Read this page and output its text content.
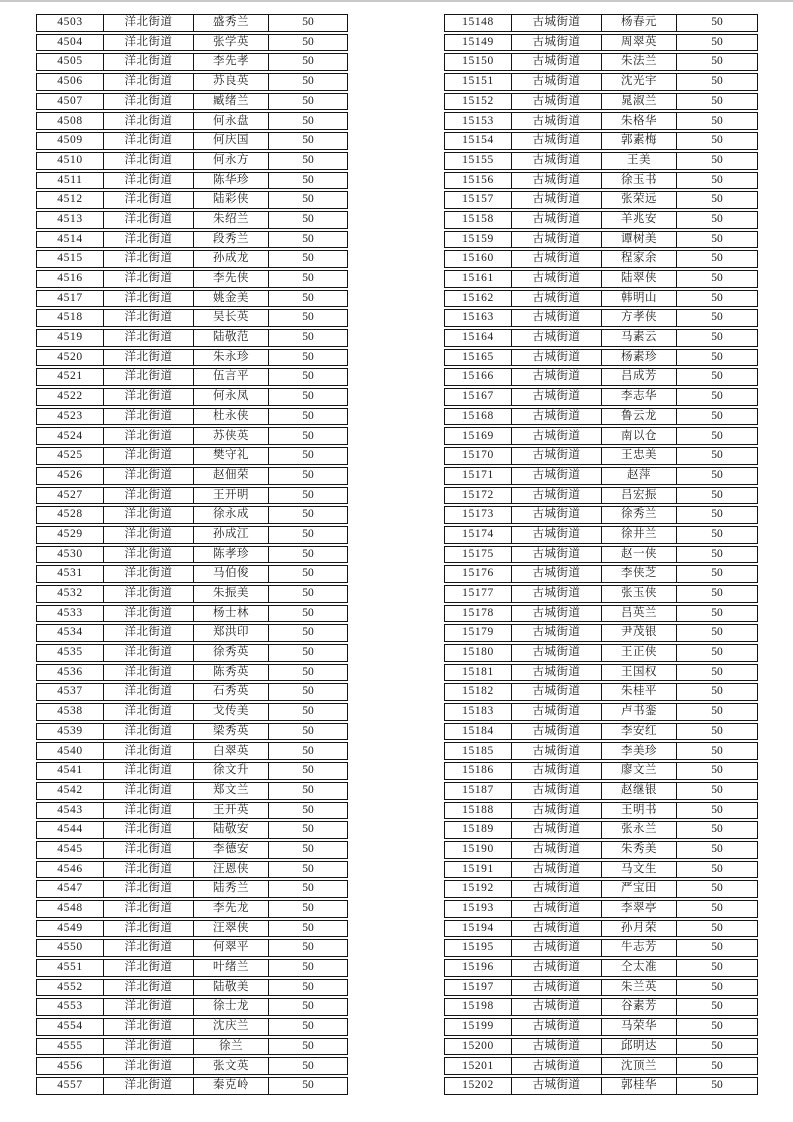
4503	洋北街道	盛秀兰	50
4504	洋北街道	张学英	50
4505	洋北街道	李先孝	50
4506	洋北街道	苏良英	50
4507	洋北街道	臧绪兰	50
4508	洋北街道	何永盘	50
4509	洋北街道	何庆国	50
4510	洋北街道	何永方	50
4511	洋北街道	陈华珍	50
4512	洋北街道	陆彩侠	50
4513	洋北街道	朱绍兰	50
4514	洋北街道	段秀兰	50
4515	洋北街道	孙成龙	50
4516	洋北街道	李先侠	50
4517	洋北街道	姚金美	50
4518	洋北街道	吴长英	50
4519	洋北街道	陆敬范	50
4520	洋北街道	朱永珍	50
4521	洋北街道	伍言平	50
4522	洋北街道	何永凤	50
4523	洋北街道	杜永侠	50
4524	洋北街道	苏侠英	50
4525	洋北街道	樊守礼	50
4526	洋北街道	赵佃荣	50
4527	洋北街道	王开明	50
4528	洋北街道	徐永成	50
4529	洋北街道	孙成江	50
4530	洋北街道	陈孝珍	50
4531	洋北街道	马伯俊	50
4532	洋北街道	朱振美	50
4533	洋北街道	杨士林	50
4534	洋北街道	郑洪印	50
4535	洋北街道	徐秀英	50
4536	洋北街道	陈秀英	50
4537	洋北街道	石秀英	50
4538	洋北街道	戈传美	50
4539	洋北街道	梁秀英	50
4540	洋北街道	白翠英	50
4541	洋北街道	徐文升	50
4542	洋北街道	郑文兰	50
4543	洋北街道	王开英	50
4544	洋北街道	陆敬安	50
4545	洋北街道	李德安	50
4546	洋北街道	汪恩侠	50
4547	洋北街道	陆秀兰	50
4548	洋北街道	李先龙	50
4549	洋北街道	汪翠侠	50
4550	洋北街道	何翠平	50
4551	洋北街道	叶绪兰	50
4552	洋北街道	陆敬美	50
4553	洋北街道	徐士龙	50
4554	洋北街道	沈庆兰	50
4555	洋北街道	徐兰	50
4556	洋北街道	张文英	50
4557	洋北街道	秦克岭	50
15148	古城街道	杨春元	50
15149	古城街道	周翠英	50
15150	古城街道	朱法兰	50
15151	古城街道	沈光宇	50
15152	古城街道	晁淑兰	50
15153	古城街道	朱格华	50
15154	古城街道	郭素梅	50
15155	古城街道	王美	50
15156	古城街道	徐玉书	50
15157	古城街道	张荣远	50
15158	古城街道	羊兆安	50
15159	古城街道	谭树美	50
15160	古城街道	程家余	50
15161	古城街道	陆翠侠	50
15162	古城街道	韩明山	50
15163	古城街道	方孝侠	50
15164	古城街道	马素云	50
15165	古城街道	杨素珍	50
15166	古城街道	吕成芳	50
15167	古城街道	李志华	50
15168	古城街道	鲁云龙	50
15169	古城街道	南以仓	50
15170	古城街道	王忠美	50
15171	古城街道	赵萍	50
15172	古城街道	吕宏振	50
15173	古城街道	徐秀兰	50
15174	古城街道	徐井兰	50
15175	古城街道	赵一侠	50
15176	古城街道	李侠芝	50
15177	古城街道	张玉侠	50
15178	古城街道	吕英兰	50
15179	古城街道	尹茂银	50
15180	古城街道	王正侠	50
15181	古城街道	王国权	50
15182	古城街道	朱桂平	50
15183	古城街道	卢书銮	50
15184	古城街道	李安红	50
15185	古城街道	李美珍	50
15186	古城街道	廖文兰	50
15187	古城街道	赵继银	50
15188	古城街道	王明书	50
15189	古城街道	张永兰	50
15190	古城街道	朱秀美	50
15191	古城街道	马文生	50
15192	古城街道	严宝田	50
15193	古城街道	李翠亭	50
15194	古城街道	孙月荣	50
15195	古城街道	牛志芳	50
15196	古城街道	仝太准	50
15197	古城街道	朱兰英	50
15198	古城街道	谷素芳	50
15199	古城街道	马荣华	50
15200	古城街道	邱明达	50
15201	古城街道	沈顶兰	50
15202	古城街道	郭桂华	50
